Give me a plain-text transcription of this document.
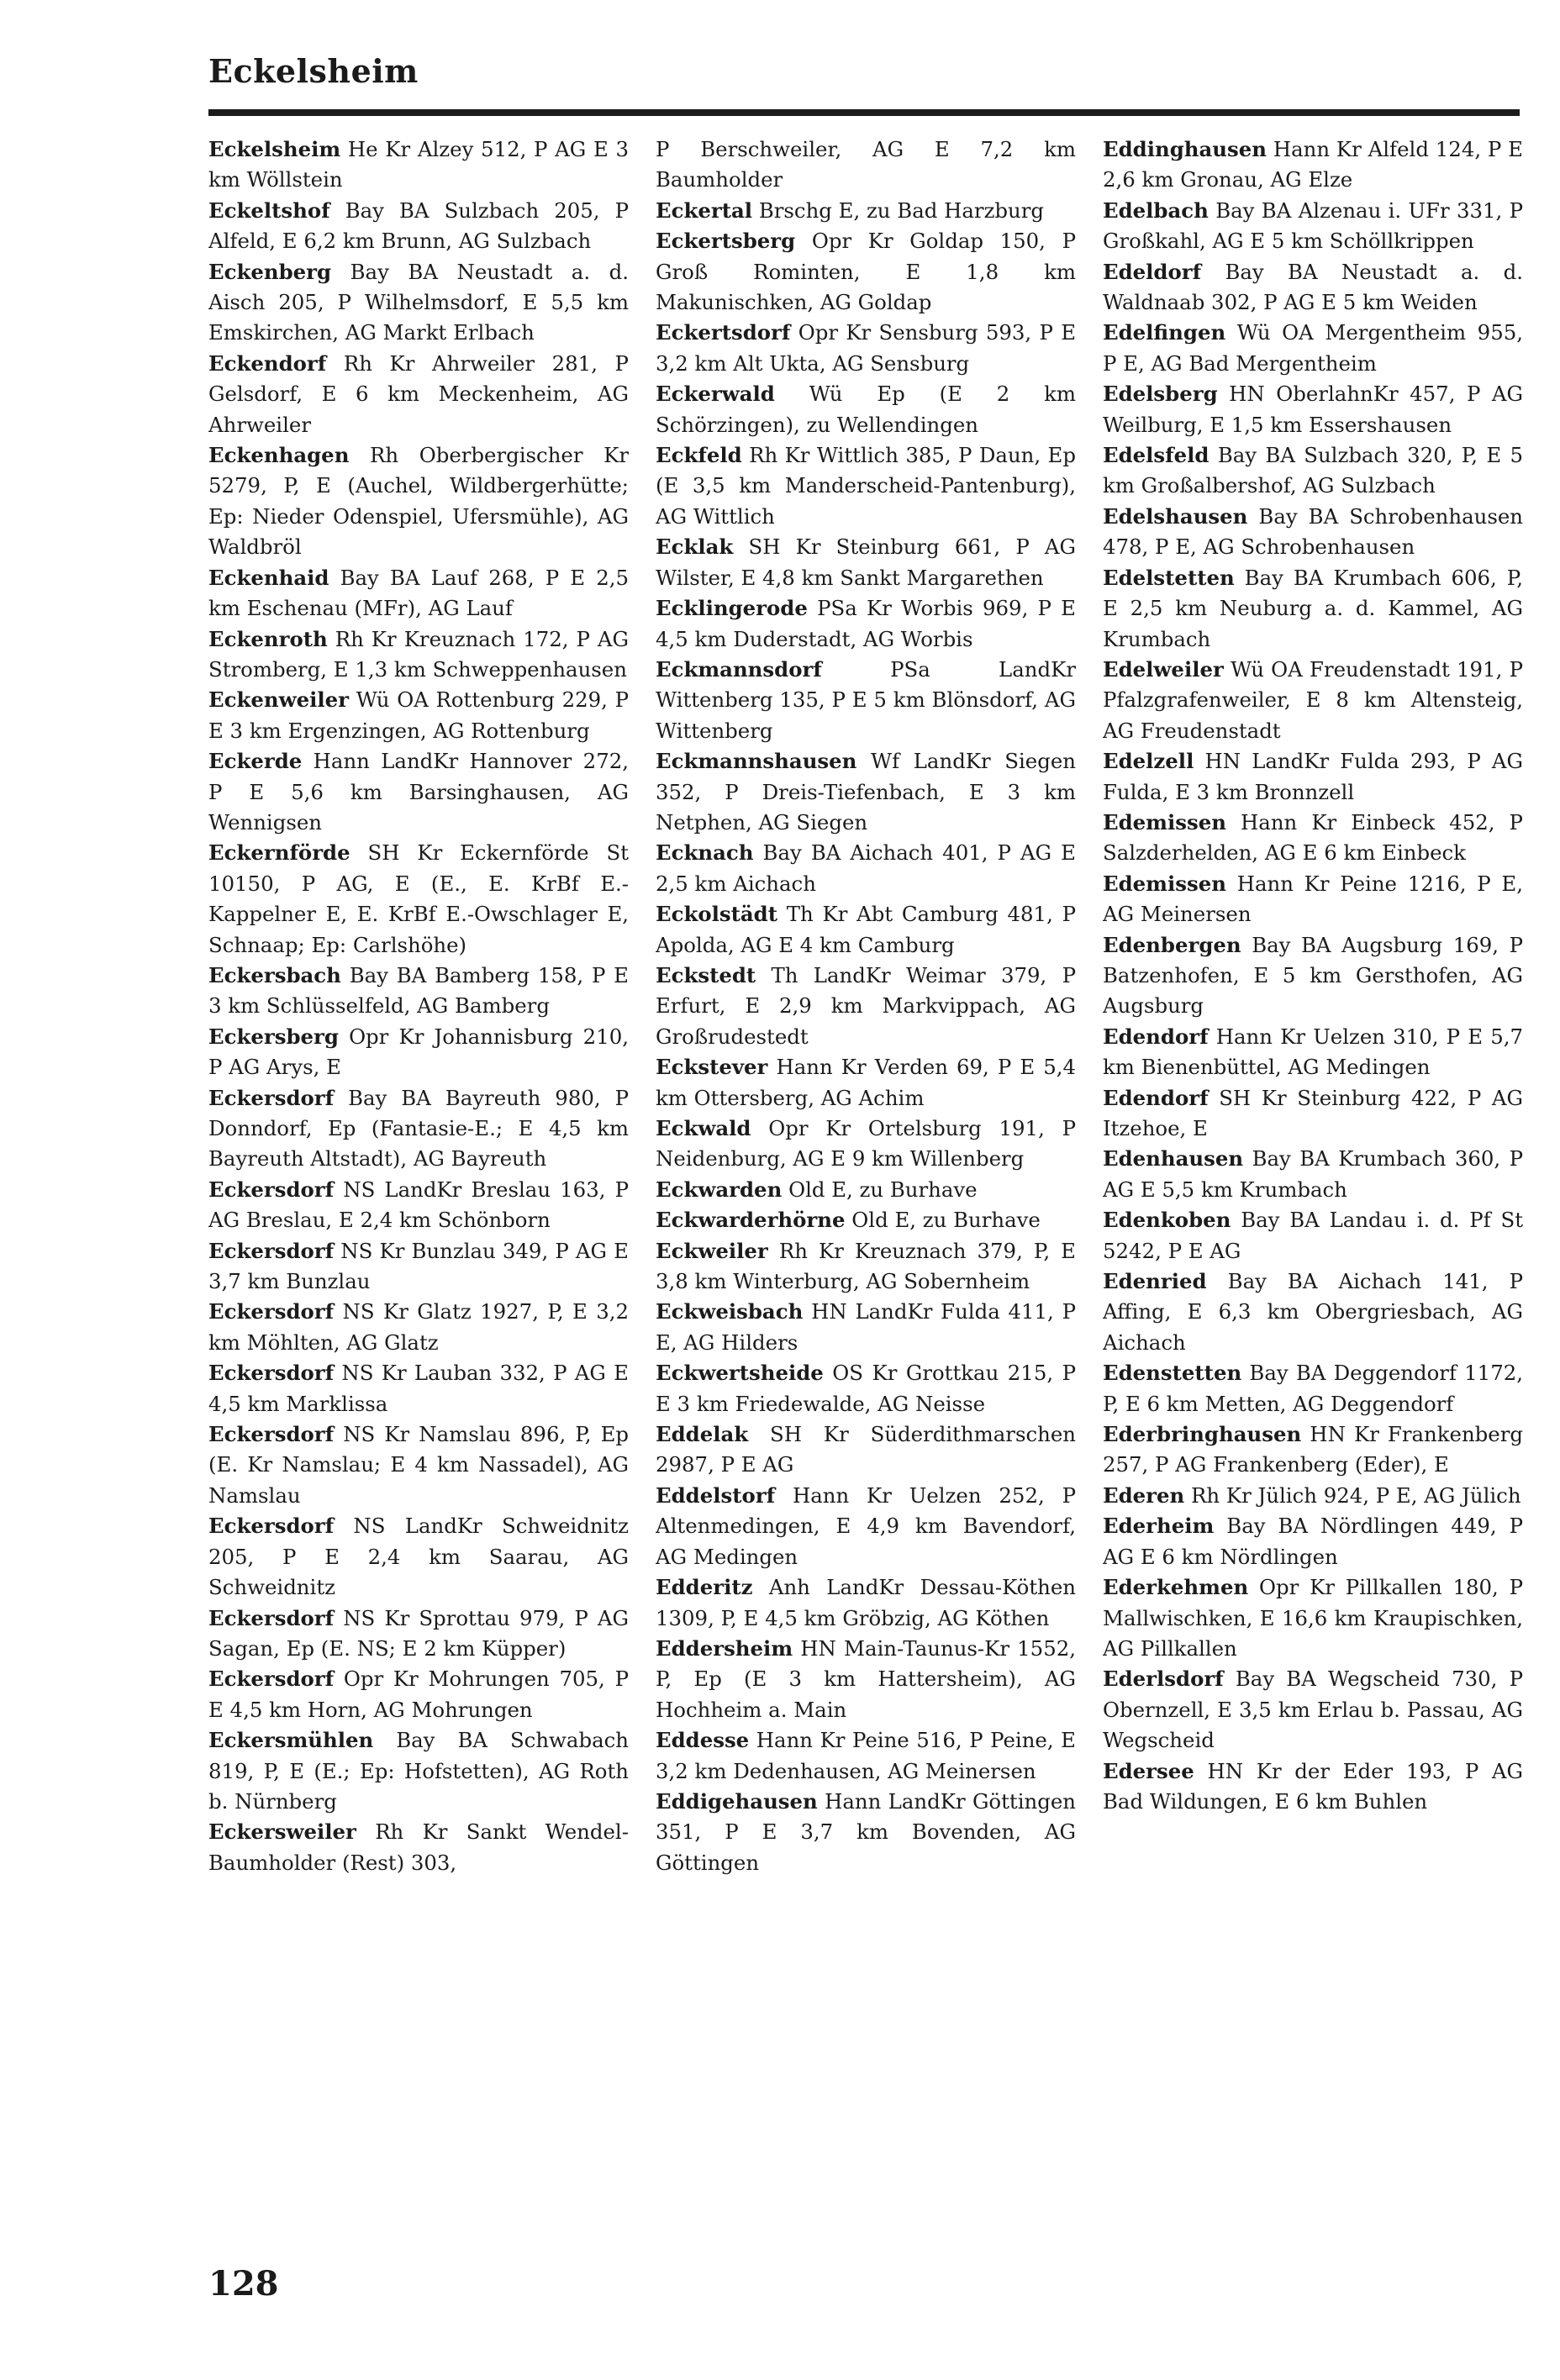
Eckelsheim

Eckelsheim He Kr Alzey 512, P AG E 3 km Wöllstein

Eckeltshof Bay BA Sulzbach 205, P Alfeld, E 6,2 km Brunn, AG Sulzbach

Eckenberg Bay BA Neustadt a. d. Aisch 205, P Wilhelmsdorf, E 5,5 km Emskirchen, AG Markt Erlbach

Eckendorf Rh Kr Ahrweiler 281, P Gelsdorf, E 6 km Meckenheim, AG Ahrweiler

Eckenhagen Rh Oberbergischer Kr 5279, P, E (Auchel, Wildbergerhütte; Ep: Nieder Odenspiel, Ufersmühle), AG Waldbröl

Eckenhaid Bay BA Lauf 268, P E 2,5 km Eschenau (MFr), AG Lauf

Eckenroth Rh Kr Kreuznach 172, P AG Stromberg, E 1,3 km Schweppenhausen

Eckenweiler Wü OA Rottenburg 229, P E 3 km Ergenzingen, AG Rottenburg

Eckerde Hann LandKr Hannover 272, P E 5,6 km Barsinghausen, AG Wennigsen

Eckernförde SH Kr Eckernförde St 10150, P AG, E (E., E. KrBf E.-Kappelner E, E. KrBf E.-Owschlager E, Schnaap; Ep: Carlshöhe)

Eckersbach Bay BA Bamberg 158, P E 3 km Schlüsselfeld, AG Bamberg

Eckersberg Opr Kr Johannisburg 210, P AG Arys, E

Eckersdorf Bay BA Bayreuth 980, P Donndorf, Ep (Fantasie-E.; E 4,5 km Bayreuth Altstadt), AG Bayreuth

Eckersdorf NS LandKr Breslau 163, P AG Breslau, E 2,4 km Schönborn

Eckersdorf NS Kr Bunzlau 349, P AG E 3,7 km Bunzlau

Eckersdorf NS Kr Glatz 1927, P, E 3,2 km Möhlten, AG Glatz

Eckersdorf NS Kr Lauban 332, P AG E 4,5 km Marklissa

Eckersdorf NS Kr Namslau 896, P, Ep (E. Kr Namslau; E 4 km Nassadel), AG Namslau

Eckersdorf NS LandKr Schweidnitz 205, P E 2,4 km Saarau, AG Schweidnitz

Eckersdorf NS Kr Sprottau 979, P AG Sagan, Ep (E. NS; E 2 km Küpper)

Eckersdorf Opr Kr Mohrungen 705, P E 4,5 km Horn, AG Mohrungen

Eckersmühlen Bay BA Schwabach 819, P, E (E.; Ep: Hofstetten), AG Roth b. Nürnberg

Eckersweiler Rh Kr Sankt Wendel-Baumholder (Rest) 303,

P Berschweiler, AG E 7,2 km Baumholder

Eckertal Brschg E, zu Bad Harzburg

Eckertsberg Opr Kr Goldap 150, P Groß Rominten, E 1,8 km Makunischken, AG Goldap

Eckertsdorf Opr Kr Sensburg 593, P E 3,2 km Alt Ukta, AG Sensburg

Eckerwald Wü Ep (E 2 km Schörzingen), zu Wellendingen

Eckfeld Rh Kr Wittlich 385, P Daun, Ep (E 3,5 km Manderscheid-Pantenburg), AG Wittlich

Ecklak SH Kr Steinburg 661, P AG Wilster, E 4,8 km Sankt Margarethen

Ecklingerode PSa Kr Worbis 969, P E 4,5 km Duderstadt, AG Worbis

Eckmannsdorf	PSa LandKr Wittenberg 135, P E 5 km Blönsdorf, AG Wittenberg

Eckmannshausen Wf LandKr Siegen 352, P Dreis-Tiefenbach, E 3 km Netphen, AG Siegen

Ecknach Bay BA Aichach 401, P AG E 2,5 km Aichach

Eckolstädt Th Kr Abt Camburg 481, P Apolda, AG E 4 km Camburg

Eckstedt Th LandKr Weimar 379, P Erfurt, E 2,9 km Markvippach, AG Großrudestedt

Eckstever Hann Kr Verden 69, P E 5,4 km Ottersberg, AG Achim

Eckwald Opr Kr Ortelsburg 191, P Neidenburg, AG E 9 km Willenberg

Eckwarden Old E, zu Burhave

Eckwarderhörne Old E, zu Burhave

Eckweiler Rh Kr Kreuznach 379, P, E 3,8 km Winterburg, AG Sobernheim

Eckweisbach HN LandKr Fulda 411, P E, AG Hilders

Eckwertsheide OS Kr Grottkau 215, P E 3 km Friedewalde, AG Neisse

Eddelak SH Kr Süderdithmarschen 2987, P E AG

Eddelstorf Hann Kr Uelzen 252, P Altenmedingen, E 4,9 km Bavendorf, AG Medingen

Edderitz Anh LandKr Dessau-Köthen 1309, P, E 4,5 km Gröbzig, AG Köthen

Eddersheim HN Main-Taunus-Kr 1552, P, Ep (E 3 km Hattersheim), AG Hochheim a. Main

Eddesse Hann Kr Peine 516, P Peine, E 3,2 km Dedenhausen, AG Meinersen

Eddigehausen Hann LandKr Göttingen 351, P E 3,7 km Bovenden, AG Göttingen

Eddinghausen Hann Kr Alfeld 124, P E 2,6 km Gronau, AG Elze

Edelbach Bay BA Alzenau i. UFr 331, P Großkahl, AG E 5 km Schöllkrippen

Edeldorf Bay BA Neustadt a. d. Waldnaab 302, P AG E 5 km Weiden

Edelfingen Wü OA Mergentheim 955, P E, AG Bad Mergentheim

Edelsberg HN OberlahnKr 457, P AG Weilburg, E 1,5 km Essershausen

Edelsfeld Bay BA Sulzbach 320, P, E 5 km Großalbershof, AG Sulzbach

Edelshausen Bay BA Schrobenhausen 478, P E, AG Schrobenhausen

Edelstetten Bay BA Krumbach 606, P, E 2,5 km Neuburg a. d. Kammel, AG Krumbach

Edelweiler Wü OA Freudenstadt 191, P Pfalzgrafenweiler, E 8 km Altensteig, AG Freudenstadt

Edelzell HN LandKr Fulda 293, P AG Fulda, E 3 km Bronnzell

Edemissen Hann Kr Einbeck 452, P Salzderhelden, AG E 6 km Einbeck

Edemissen Hann Kr Peine 1216, P E, AG Meinersen

Edenbergen Bay BA Augsburg 169, P Batzenhofen, E 5 km Gersthofen, AG Augsburg

Edendorf Hann Kr Uelzen 310, P E 5,7 km Bienenbüttel, AG Medingen

Edendorf SH Kr Steinburg 422, P AG Itzehoe, E

Edenhausen Bay BA Krumbach 360, P AG E 5,5 km Krumbach

Edenkoben Bay BA Landau i. d. Pf St 5242, P E AG

Edenried Bay BA Aichach 141, P Affing, E 6,3 km Obergriesbach, AG Aichach

Edenstetten Bay BA Deggendorf 1172, P, E 6 km Metten, AG Deggendorf

Ederbringhausen HN Kr Frankenberg 257, P AG Frankenberg (Eder), E

Ederen Rh Kr Jülich 924, P E, AG Jülich

Ederheim Bay BA Nördlingen 449, P AG E 6 km Nördlingen

Ederkehmen Opr Kr Pillkallen 180, P Mallwischken, E 16,6 km Kraupischken, AG Pillkallen

Ederlsdorf Bay BA Wegscheid 730, P Obernzell, E 3,5 km Erlau b. Passau, AG Wegscheid

Edersee HN Kr der Eder 193, P AG Bad Wildungen, E 6 km Buhlen

128
